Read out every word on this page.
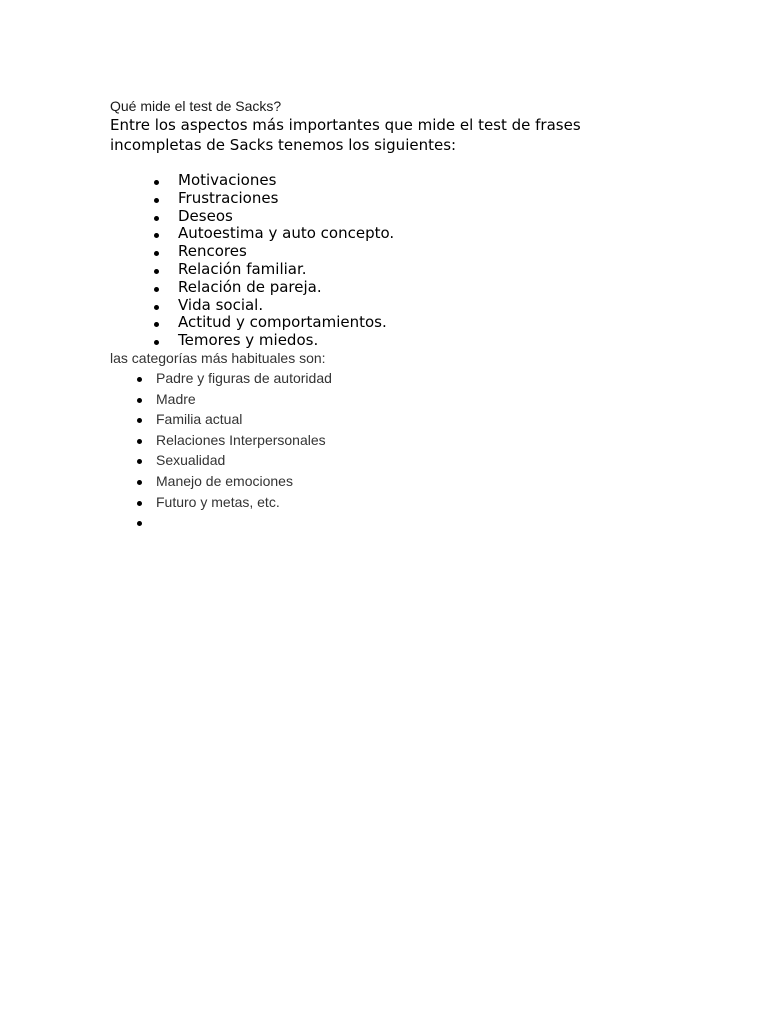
Qué mide el test de Sacks?

Entre los aspectos más importantes que mide el test de frases incompletas de Sacks tenemos los siguientes:

Motivaciones
Frustraciones
Deseos
Autoestima y auto concepto.
Rencores
Relación familiar.
Relación de pareja.
Vida social.
Actitud y comportamientos.
Temores y miedos.

las categorías más habituales son:

Padre y figuras de autoridad
Madre
Familia actual
Relaciones Interpersonales
Sexualidad
Manejo de emociones
Futuro y metas, etc.
